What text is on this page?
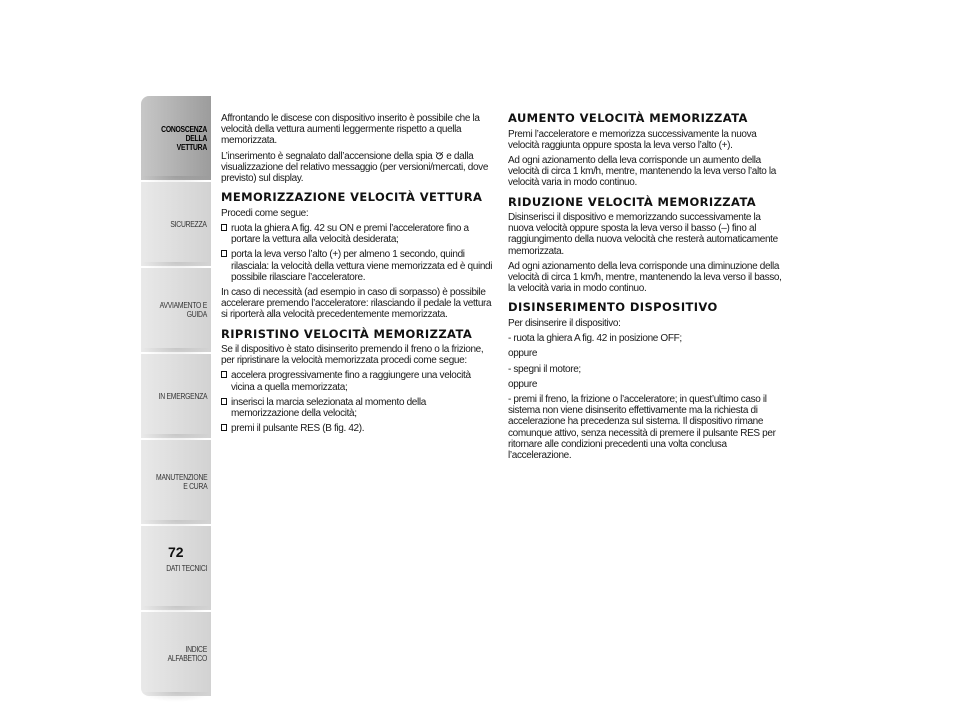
CONOSCENZA DELLA VETTURA
SICUREZZA
AVVIAMENTO E GUIDA
IN EMERGENZA
MANUTENZIONE E CURA
DATI TECNICI
INDICE ALFABETICO
72

Affrontando le discese con dispositivo inserito è possibile che la velocità della vettura aumenti leggermente rispetto a quella memorizzata.

L’inserimento è segnalato dall’accensione della spia e dalla visualizzazione del relativo messaggio (per versioni/mercati, dove previsto) sul display.

MEMORIZZAZIONE VELOCITÀ VETTURA

Procedi come segue:

ruota la ghiera A fig. 42 su ON e premi l’acceleratore fino a portare la vettura alla velocità desiderata;
porta la leva verso l’alto (+) per almeno 1 secondo, quindi rilasciala: la velocità della vettura viene memorizzata ed è quindi possibile rilasciare l’acceleratore.

In caso di necessità (ad esempio in caso di sorpasso) è possibile accelerare premendo l’acceleratore: rilasciando il pedale la vettura si riporterà alla velocità precedentemente memorizzata.

RIPRISTINO VELOCITÀ MEMORIZZATA

Se il dispositivo è stato disinserito premendo il freno o la frizione, per ripristinare la velocità memorizzata procedi come segue:

accelera progressivamente fino a raggiungere una velocità vicina a quella memorizzata;
inserisci la marcia selezionata al momento della memorizzazione della velocità;
premi il pulsante RES (B fig. 42).
AUMENTO VELOCITÀ MEMORIZZATA

Premi l’acceleratore e memorizza successivamente la nuova velocità raggiunta oppure sposta la leva verso l’alto (+).

Ad ogni azionamento della leva corrisponde un aumento della velocità di circa 1 km/h, mentre, mantenendo la leva verso l’alto la velocità varia in modo continuo.

RIDUZIONE VELOCITÀ MEMORIZZATA

Disinserisci il dispositivo e memorizzando successivamente la nuova velocità oppure sposta la leva verso il basso (–) fino al raggiungimento della nuova velocità che resterà automaticamente memorizzata.

Ad ogni azionamento della leva corrisponde una diminuzione della velocità di circa 1 km/h, mentre, mantenendo la leva verso il basso, la velocità varia in modo continuo.

DISINSERIMENTO DISPOSITIVO

Per disinserire il dispositivo:

- ruota la ghiera A fig. 42 in posizione OFF;

oppure

- spegni il motore;

oppure

- premi il freno, la frizione o l’acceleratore; in quest’ultimo caso il sistema non viene disinserito effettivamente ma la richiesta di accelerazione ha precedenza sul sistema. Il dispositivo rimane comunque attivo, senza necessità di premere il pulsante RES per ritornare alle condizioni precedenti una volta conclusa l’accelerazione.
